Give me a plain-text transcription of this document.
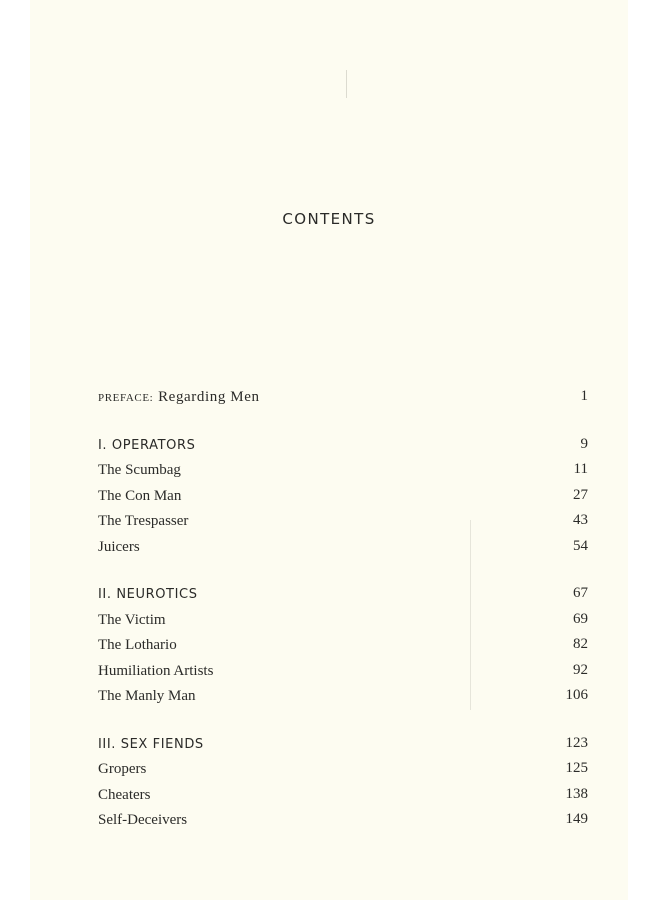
CONTENTS
PREFACE: Regarding Men	1
I. OPERATORS	9
The Scumbag	11
The Con Man	27
The Trespasser	43
Juicers	54
II. NEUROTICS	67
The Victim	69
The Lothario	82
Humiliation Artists	92
The Manly Man	106
III. SEX FIENDS	123
Gropers	125
Cheaters	138
Self-Deceivers	149
